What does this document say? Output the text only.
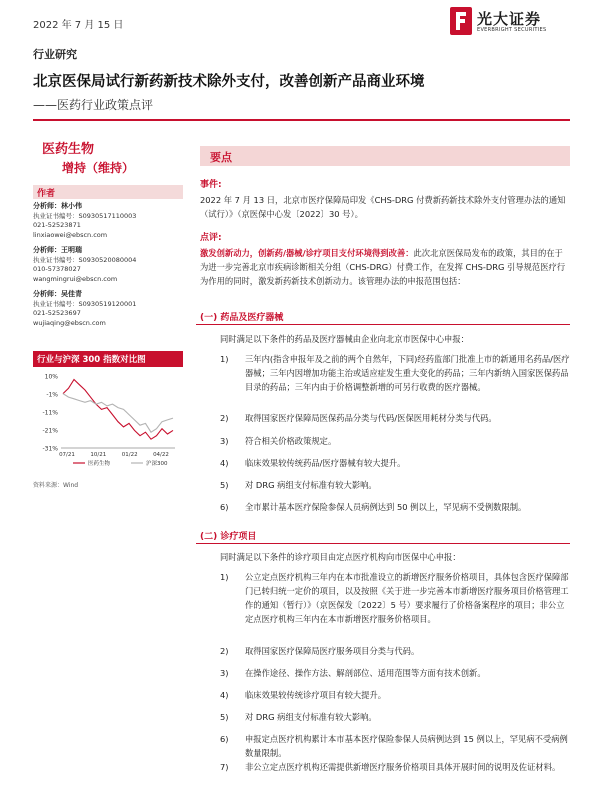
2022 年 7 月 15 日	光大证券
EVERBRIGHT SECURITIES
行业研究
北京医保局试行新药新技术除外支付，改善创新产品商业环境
——医药行业政策点评
医药生物
增持（维持）
作者
分析师：林小伟
执业证书编号：S0930517110003
021-52523871
linxiaowei@ebscn.com
分析师：王明瑞
执业证书编号：S0930520080004
010-57378027
wangmingrui@ebscn.com
分析师：吴佳青
执业证书编号：S0930519120001
021-52523697
wujiaqing@ebscn.com
行业与沪深 300 指数对比图
10%
-1%
-11%
-21%
-31%
07/21	10/21	01/22	04/22
医药生物	沪深300
资料来源：Wind
要点
事件:
2022 年 7 月 13 日，北京市医疗保障局印发《CHS-DRG 付费新药新技术除外支付管理办法的通知（试行）》（京医保中心发〔2022〕30 号）。
点评:
激发创新动力，创新药/器械/诊疗项目支付环境得到改善：此次北京医保局发布的政策，其目的在于为进一步完善北京市疾病诊断相关分组（CHS-DRG）付费工作，在发挥 CHS-DRG 引导规范医疗行为作用的同时，激发新药新技术创新动力。该管理办法的申报范围包括：
(一) 药品及医疗器械
同时满足以下条件的药品及医疗器械由企业向北京市医保中心申报：
1)	三年内(指含申报年及之前的两个自然年，下同)经药监部门批准上市的新通用名药品/医疗器械；三年内因增加功能主治或适应症发生重大变化的药品；三年内新纳入国家医保药品目录的药品；三年内由于价格调整新增的可另行收费的医疗器械。
2)	取得国家医疗保障局医保药品分类与代码/医保医用耗材分类与代码。
3)	符合相关价格政策规定。
4)	临床效果较传统药品/医疗器械有较大提升。
5)	对 DRG 病组支付标准有较大影响。
6)	全市累计基本医疗保险参保人员病例达到 50 例以上，罕见病不受例数限制。
(二) 诊疗项目
同时满足以下条件的诊疗项目由定点医疗机构向市医保中心申报：
1)	公立定点医疗机构三年内在本市批准设立的新增医疗服务价格项目，具体包含医疗保障部门已转归统一定价的项目，以及按照《关于进一步完善本市新增医疗服务项目价格管理工作的通知（暂行）》（京医保发〔2022〕5 号）要求履行了价格备案程序的项目；非公立定点医疗机构三年内在本市新增医疗服务价格项目。
2)	取得国家医疗保障局医疗服务项目分类与代码。
3)	在操作途径、操作方法、解剖部位、适用范围等方面有技术创新。
4)	临床效果较传统诊疗项目有较大提升。
5)	对 DRG 病组支付标准有较大影响。
6)	申报定点医疗机构累计本市基本医疗保险参保人员病例达到 15 例以上，罕见病不受病例数量限制。
7)	非公立定点医疗机构还需提供新增医疗服务价格项目具体开展时间的说明及佐证材料。
